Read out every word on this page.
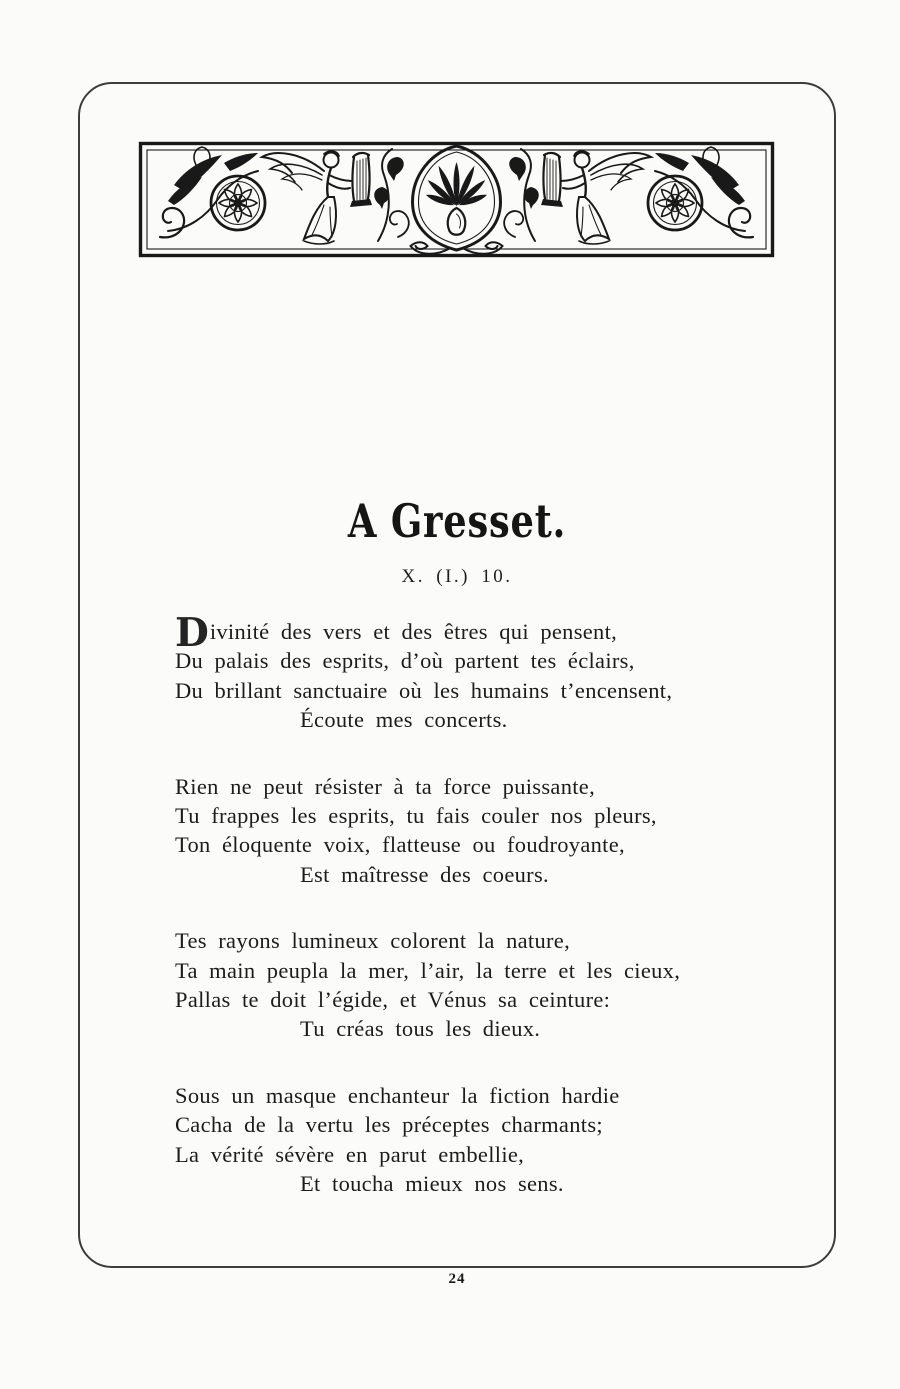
A Gresset.
X. (I.) 10.
Divinité des vers et des êtres qui pensent,
Du palais des esprits, d’où partent tes éclairs,
Du brillant sanctuaire où les humains t’encensent,
Écoute mes concerts.
Rien ne peut résister à ta force puissante,
Tu frappes les esprits, tu fais couler nos pleurs,
Ton éloquente voix, flatteuse ou foudroyante,
Est maîtresse des coeurs.
Tes rayons lumineux colorent la nature,
Ta main peupla la mer, l’air, la terre et les cieux,
Pallas te doit l’égide, et Vénus sa ceinture:
Tu créas tous les dieux.
Sous un masque enchanteur la fiction hardie
Cacha de la vertu les préceptes charmants;
La vérité sévère en parut embellie,
Et toucha mieux nos sens.
24
